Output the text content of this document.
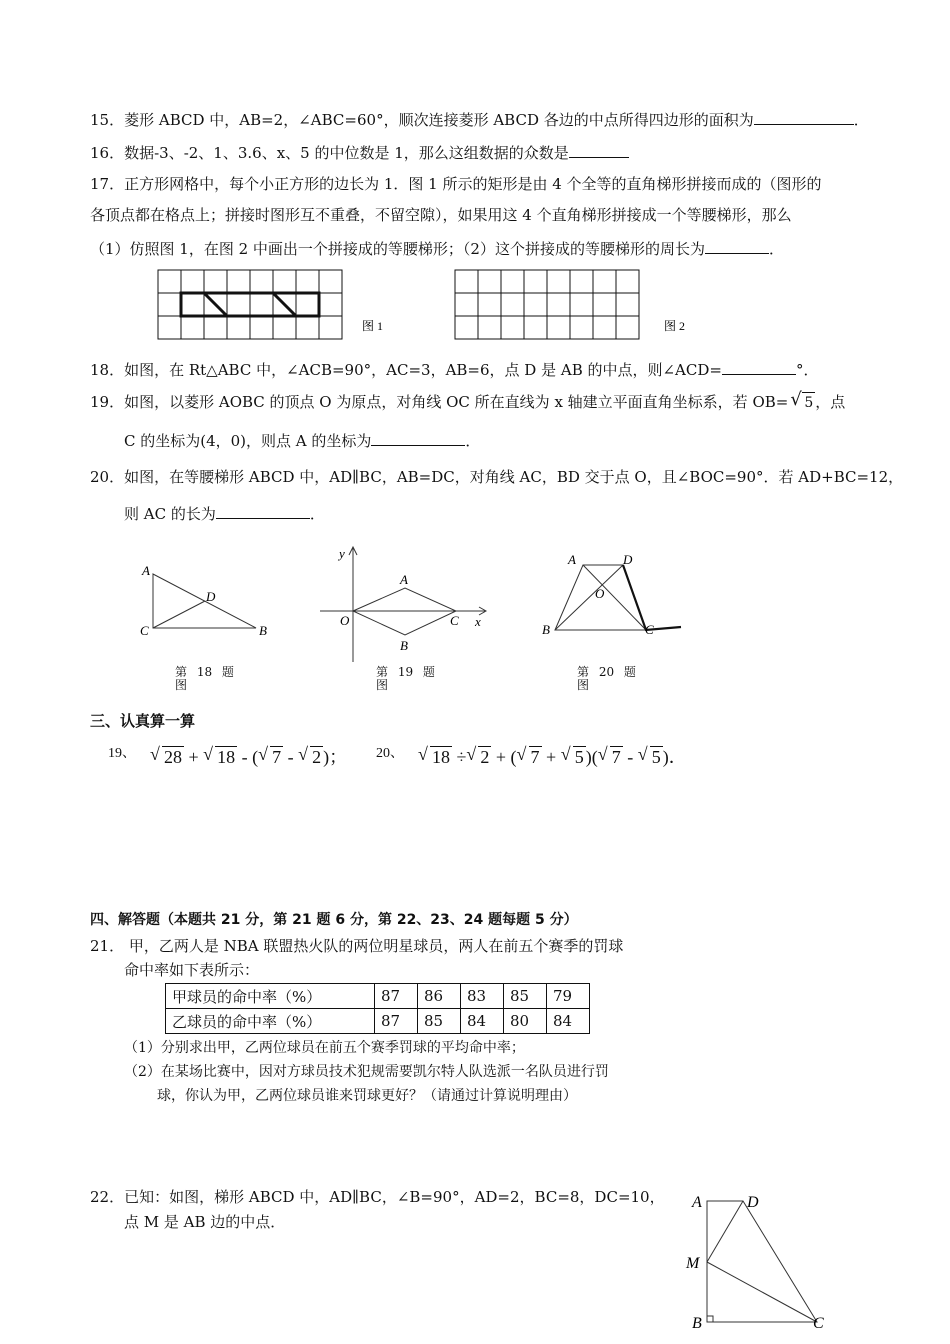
15．菱形 ABCD 中，AB=2，∠ABC=60°，顺次连接菱形 ABCD 各边的中点所得四边形的面积为	．
16．数据-3、-2、1、3.6、x、5 的中位数是 1，那么这组数据的众数是
17．正方形网格中，每个小正方形的边长为 1．图 1 所示的矩形是由 4 个全等的直角梯形拼接而成的（图形的
各顶点都在格点上；拼接时图形互不重叠，不留空隙），如果用这 4 个直角梯形拼接成一个等腰梯形，那么
（1）仿照图 1，在图 2 中画出一个拼接成的等腰梯形；（2）这个拼接成的等腰梯形的周长为	．
图 1	图 2
18．如图，在 Rt△ABC 中，∠ACB=90°，AC=3，AB=6，点 D 是 AB 的中点，则∠ACD=	°．
19．如图，以菱形 AOBC 的顶点 O 为原点，对角线 OC 所在直线为 x 轴建立平面直角坐标系，若 OB= √ 5 ，点
C 的坐标为(4，0)，则点 A 的坐标为	．
20．如图，在等腰梯形 ABCD 中，AD∥BC，AB=DC，对角线 AC，BD 交于点 O，且∠BOC=90°．若 AD+BC=12，
则 AC 的长为	．
A
D
C	B
第 18 题
图
y
x
A
O	C
B
第 19 题
图
A	D
O
B	C
第 20 题
图
三、认真算一算
$^{19、}$ √ 28 + √ 18 - ( √ 7 - √ 2 )； $^{20、}$ √ 18 ÷ √ 2 + ( √ 7 + √ 5 )( √ 7 - √ 5 )．
四、解答题（本题共 21 分，第 21 题 6 分，第 22、23、24 题每题 5 分）
21． 甲，乙两人是 NBA 联盟热火队的两位明星球员，两人在前五个赛季的罚球
命中率如下表所示：
甲球员的命中率（%）	87	86	83	85	79
乙球员的命中率（%）	87	85	84	80	84
（1）分别求出甲，乙两位球员在前五个赛季罚球的平均命中率；
（2）在某场比赛中，因对方球员技术犯规需要凯尔特人队选派一名队员进行罚
球，你认为甲，乙两位球员谁来罚球更好？（请通过计算说明理由）
22．已知：如图，梯形 ABCD 中，AD∥BC，∠B=90°，AD=2，BC=8，DC=10，
点 M 是 AB 边的中点．
A	D
M
B	C
